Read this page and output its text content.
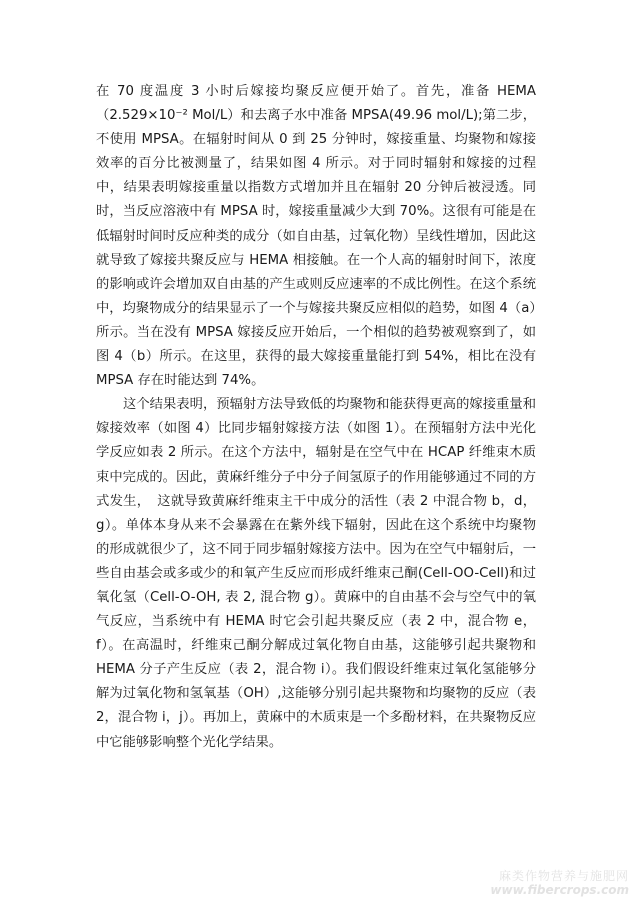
在 70 度温度 3 小时后嫁接均聚反应便开始了。首先，准备 HEMA（2.529×10⁻² Mol/L）和去离子水中准备 MPSA(49.96 mol/L);第二步，不使用 MPSA。在辐射时间从 0 到 25 分钟时，嫁接重量、均聚物和嫁接效率的百分比被测量了，结果如图 4 所示。对于同时辐射和嫁接的过程中，结果表明嫁接重量以指数方式增加并且在辐射 20 分钟后被浸透。同时，当反应溶液中有 MPSA 时，嫁接重量减少大到 70%。这很有可能是在低辐射时间时反应种类的成分（如自由基，过氧化物）呈线性增加，因此这就导致了嫁接共聚反应与 HEMA 相接触。在一个人高的辐射时间下，浓度的影响或许会增加双自由基的产生或则反应速率的不成比例性。在这个系统中，均聚物成分的结果显示了一个与嫁接共聚反应相似的趋势，如图 4（a）所示。当在没有 MPSA 嫁接反应开始后，一个相似的趋势被观察到了，如图 4（b）所示。在这里，获得的最大嫁接重量能打到 54%，相比在没有 MPSA 存在时能达到 74%。

这个结果表明，预辐射方法导致低的均聚物和能获得更高的嫁接重量和嫁接效率（如图 4）比同步辐射嫁接方法（如图 1）。在预辐射方法中光化学反应如表 2 所示。在这个方法中，辐射是在空气中在 HCAP 纤维束木质束中完成的。因此，黄麻纤维分子中分子间氢原子的作用能够通过不同的方式发生，　这就导致黄麻纤维束主干中成分的活性（表 2 中混合物 b，d，g）。单体本身从来不会暴露在在紫外线下辐射，因此在这个系统中均聚物的形成就很少了，这不同于同步辐射嫁接方法中。因为在空气中辐射后，一些自由基会或多或少的和氧产生反应而形成纤维束己酮(Cell-OO-Cell)和过氧化氢（Cell-O-OH, 表 2, 混合物 g）。黄麻中的自由基不会与空气中的氧气反应，当系统中有 HEMA 时它会引起共聚反应（表 2 中，混合物 e，f）。在高温时，纤维束己酮分解成过氧化物自由基，这能够引起共聚物和 HEMA 分子产生反应（表 2，混合物 i）。我们假设纤维束过氧化氢能够分解为过氧化物和氢氧基（OH）,这能够分别引起共聚物和均聚物的反应（表 2，混合物 i，j）。再加上，黄麻中的木质束是一个多酚材料，在共聚物反应中它能够影响整个光化学结果。

麻类作物营养与施肥网
www.fibercrops.com
